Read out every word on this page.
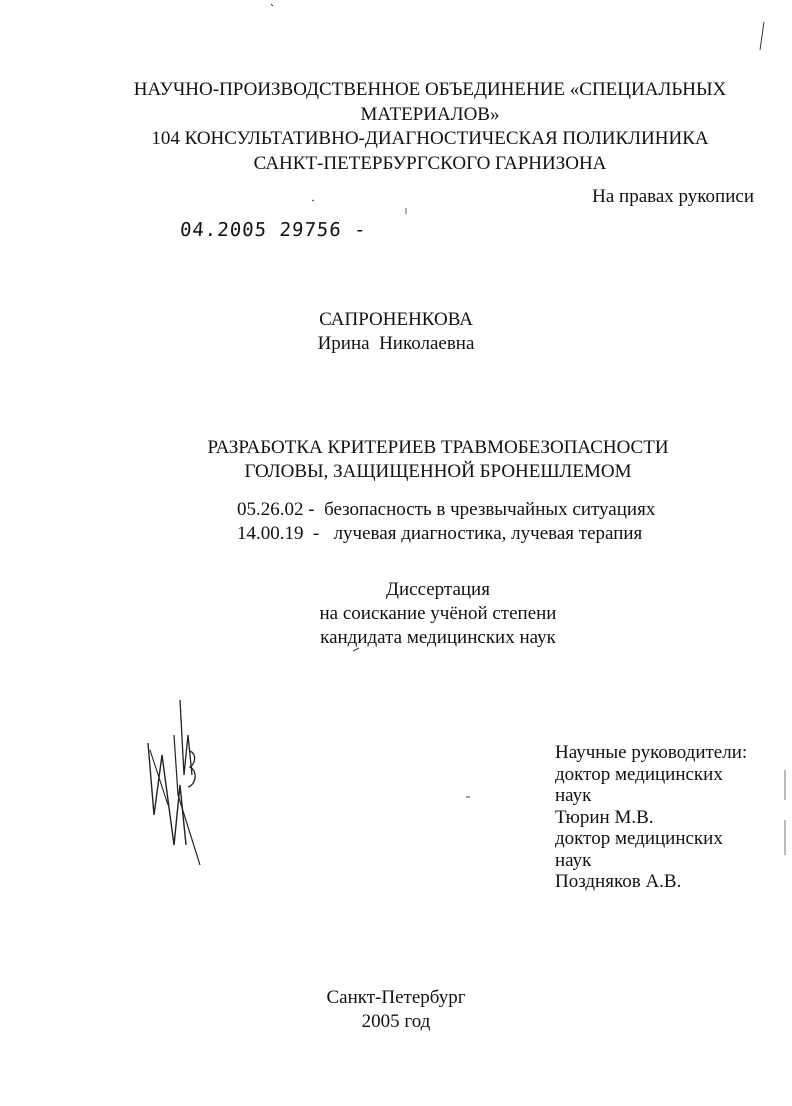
НАУЧНО-ПРОИЗВОДСТВЕННОЕ ОБЪЕДИНЕНИЕ «СПЕЦИАЛЬНЫХ
МАТЕРИАЛОВ»
104 КОНСУЛЬТАТИВНО-ДИАГНОСТИЧЕСКАЯ ПОЛИКЛИНИКА
САНКТ-ПЕТЕРБУРГСКОГО ГАРНИЗОНА
На правах рукописи
04.2005 29756 -
САПРОНЕНКОВА
Ирина  Николаевна
РАЗРАБОТКА КРИТЕРИЕВ ТРАВМОБЕЗОПАСНОСТИ
ГОЛОВЫ, ЗАЩИЩЕННОЙ БРОНЕШЛЕМОМ
05.26.02 - безопасность в чрезвычайных ситуациях
14.00.19  - лучевая диагностика, лучевая терапия
Диссертация
на соискание учёной степени
кандидата медицинских наук
Научные руководители:
доктор медицинских
наук
Тюрин М.В.
доктор медицинских
наук
Поздняков А.В.
Санкт-Петербург
2005 год
